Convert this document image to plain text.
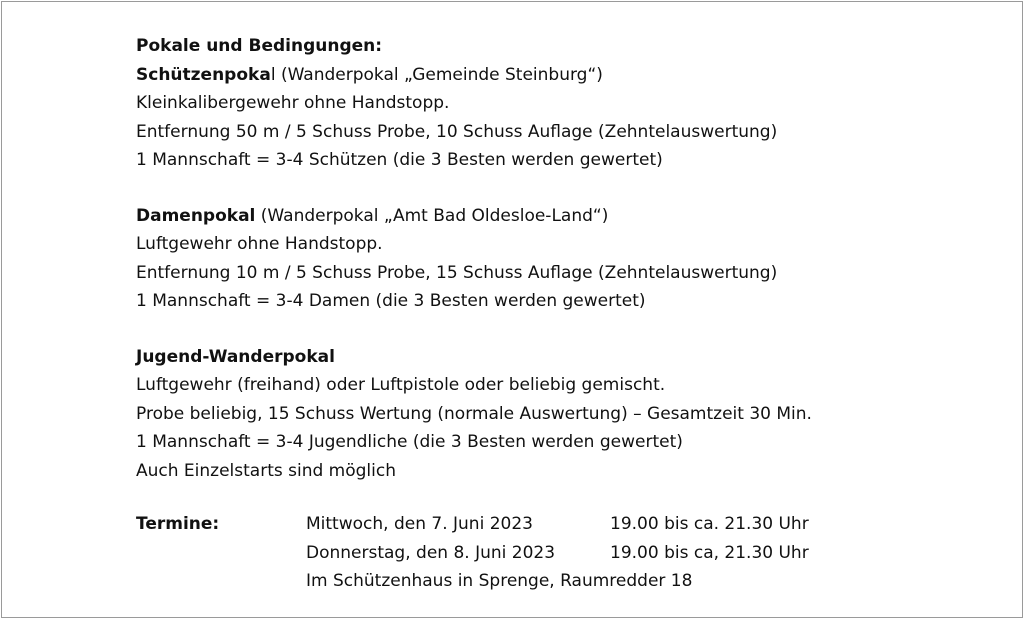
Pokale und Bedingungen:
Schützenpokal (Wanderpokal „Gemeinde Steinburg“)
Kleinkalibergewehr ohne Handstopp.
Entfernung 50 m / 5 Schuss Probe, 10 Schuss Auflage (Zehntelauswertung)
1 Mannschaft = 3-4 Schützen (die 3 Besten werden gewertet)
Damenpokal (Wanderpokal „Amt Bad Oldesloe-Land“)
Luftgewehr ohne Handstopp.
Entfernung 10 m / 5 Schuss Probe, 15 Schuss Auflage (Zehntelauswertung)
1 Mannschaft = 3-4 Damen (die 3 Besten werden gewertet)
Jugend-Wanderpokal
Luftgewehr (freihand) oder Luftpistole oder beliebig gemischt.
Probe beliebig, 15 Schuss Wertung (normale Auswertung) – Gesamtzeit 30 Min.
1 Mannschaft = 3-4 Jugendliche (die 3 Besten werden gewertet)
Auch Einzelstarts sind möglich
Termine:	Mittwoch, den 7. Juni 2023	19.00 bis ca. 21.30 Uhr
Donnerstag, den 8. Juni 2023	19.00 bis ca, 21.30 Uhr
Im Schützenhaus in Sprenge, Raumredder 18
